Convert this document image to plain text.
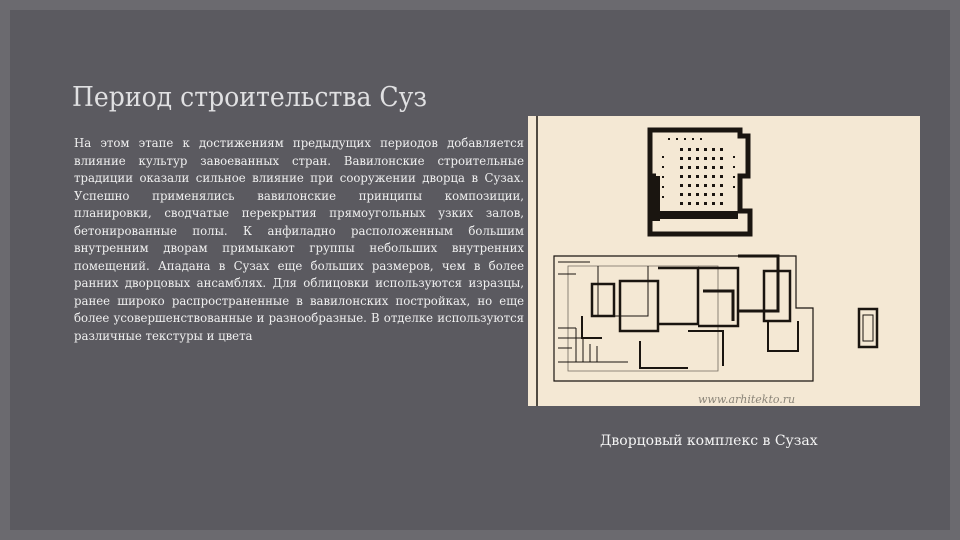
Период строительства Суз

На этом этапе к достижениям предыдущих периодов добавляется влияние культур завоеванных стран. Вавилонские строительные традиции оказали сильное влияние при сооружении дворца в Сузах. Успешно применялись вавилонские принципы композиции, планировки, сводчатые перекрытия прямоугольных узких залов, бетонированные полы. К анфиладно расположенным большим внутренним дворам примыкают группы небольших внутренних помещений. Ападана в Сузах еще больших размеров, чем в более ранних дворцовых ансамблях. Для облицовки используются изразцы, ранее широко распространенные в вавилонских постройках, но еще более усовершенствованные и разнообразные. В отделке используются различные текстуры и цвета

www.arhitekto.ru
Дворцовый комплекс в Сузах
